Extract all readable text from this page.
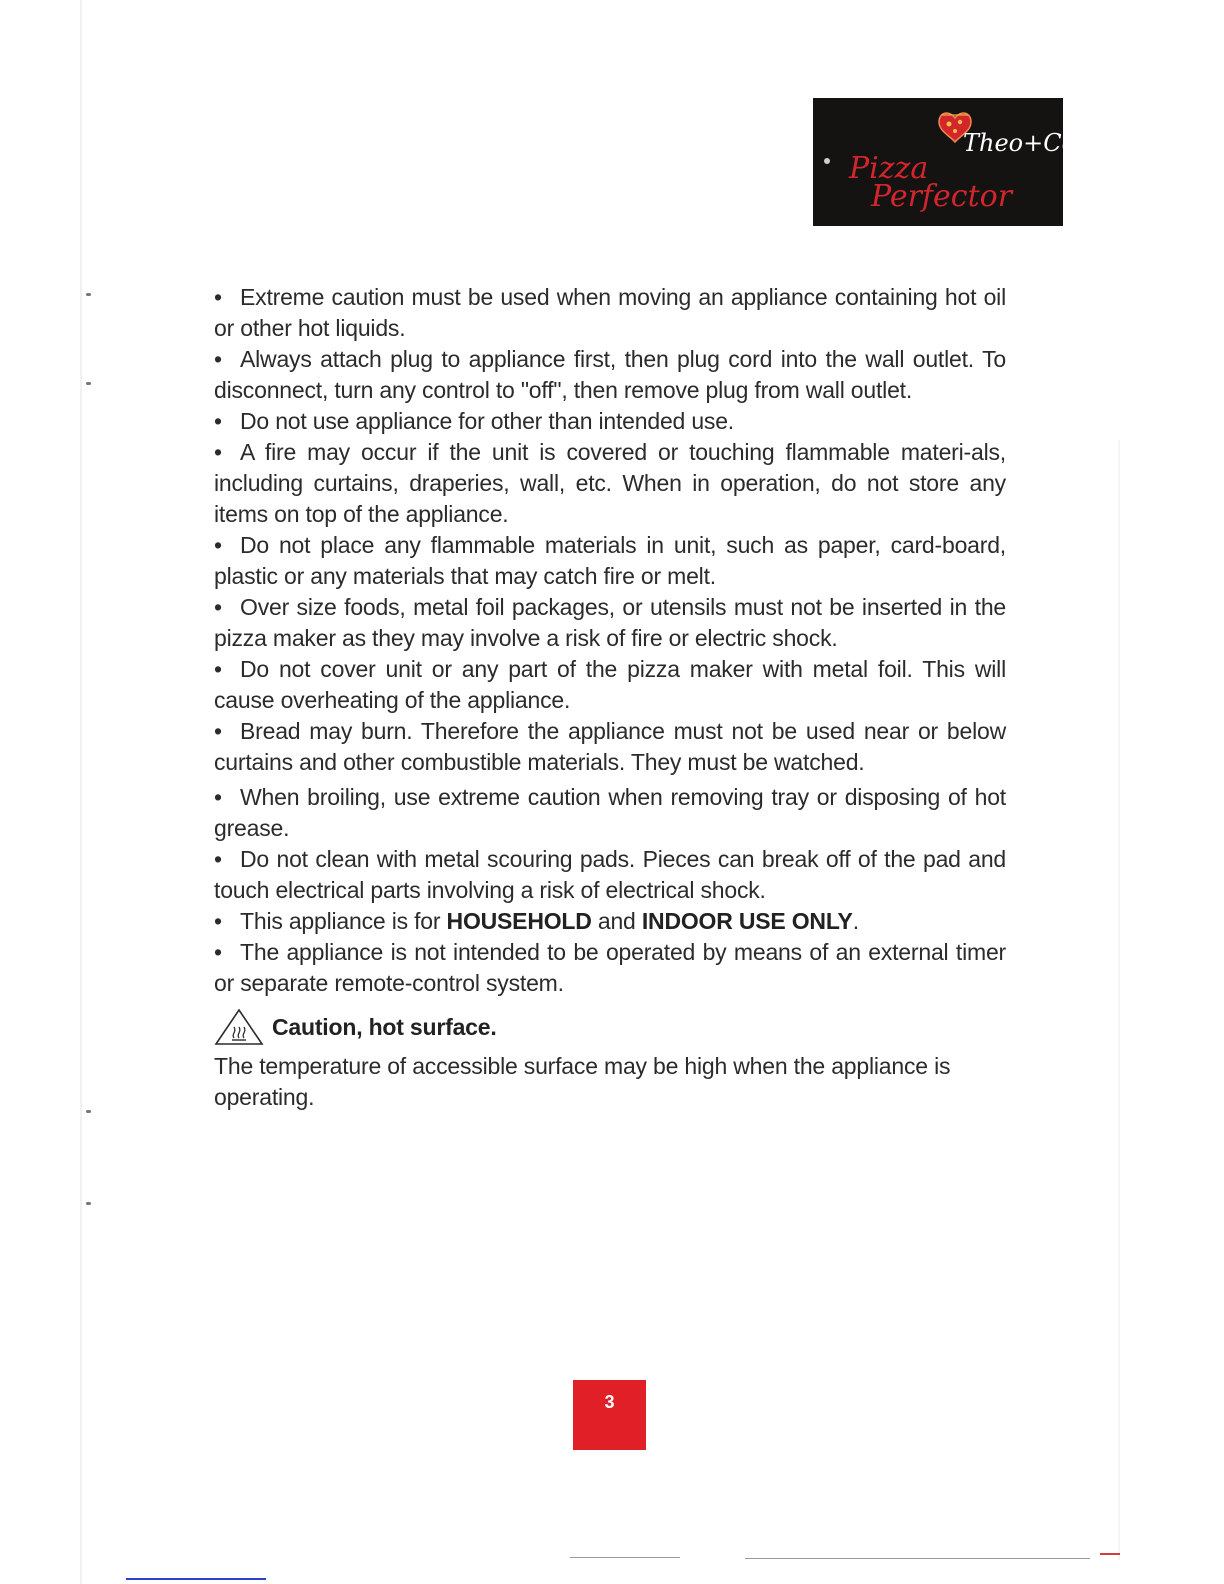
Theo+Co
Pizza
Perfector

• Extreme caution must be used when moving an appliance containing hot oil or other hot liquids.

• Always attach plug to appliance first, then plug cord into the wall outlet. To disconnect, turn any control to "off", then remove plug from wall outlet.

• Do not use appliance for other than intended use.

• A fire may occur if the unit is covered or touching flammable materi-als, including curtains, draperies, wall, etc. When in operation, do not store any items on top of the appliance.

• Do not place any flammable materials in unit, such as paper, card-board, plastic or any materials that may catch fire or melt.

• Over size foods, metal foil packages, or utensils must not be inserted in the pizza maker as they may involve a risk of fire or electric shock.

• Do not cover unit or any part of the pizza maker with metal foil. This will cause overheating of the appliance.

• Bread may burn. Therefore the appliance must not be used near or below curtains and other combustible materials. They must be watched.

• When broiling, use extreme caution when removing tray or disposing of hot grease.

• Do not clean with metal scouring pads. Pieces can break off of the pad and touch electrical parts involving a risk of electrical shock.

• This appliance is for HOUSEHOLD and INDOOR USE ONLY.

• The appliance is not intended to be operated by means of an external timer or separate remote-control system.

Caution, hot surface.

The temperature of accessible surface may be high when the appliance is operating.

3
